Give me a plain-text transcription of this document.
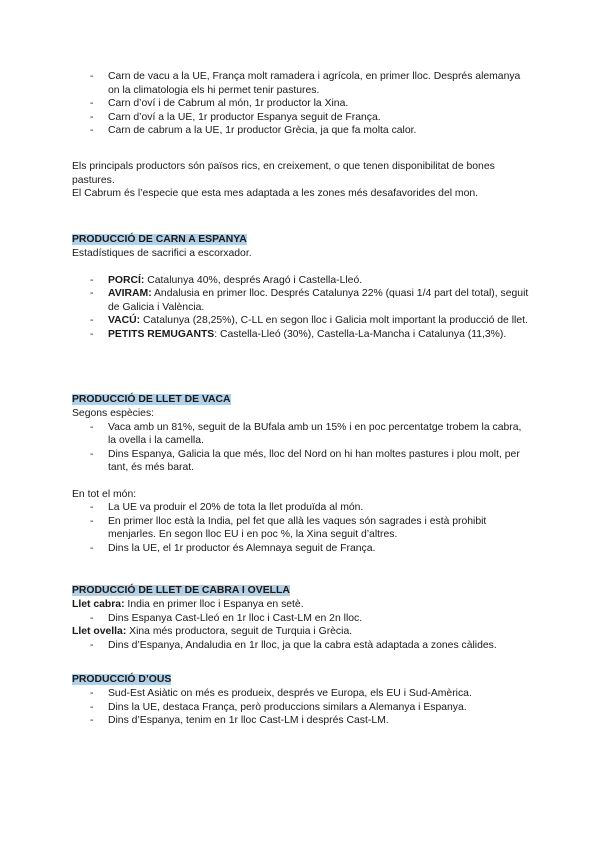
- Carn de vacu a la UE, França molt ramadera i agrícola, en primer lloc. Després alemanya on la climatologia els hi permet tenir pastures.
- Carn d’oví i de Cabrum al món, 1r productor la Xina.
- Carn d’oví a la UE, 1r productor Espanya seguit de França.
- Carn de cabrum a la UE, 1r productor Grècia, ja que fa molta calor.
Els principals productors són països rics, en creixement, o que tenen disponibilitat de bones pastures.
El Cabrum és l’especie que esta mes adaptada a les zones més desafavorides del mon.
PRODUCCIÓ DE CARN A ESPANYA
Estadístiques de sacrifici a escorxador.
- PORCÍ: Catalunya 40%, després Aragó i Castella-Lleó.
- AVIRAM: Andalusia en primer lloc. Després Catalunya 22% (quasi 1/4 part del total), seguit de Galicia i València.
- VACÚ: Catalunya (28,25%), C-LL en segon lloc i Galicia molt important la producció de llet.
- PETITS REMUGANTS: Castella-Lleó (30%), Castella-La-Mancha i Catalunya (11,3%).
PRODUCCIÓ DE LLET DE VACA
Segons espècies:
- Vaca amb un 81%, seguit de la BUfala amb un 15% i en poc percentatge trobem la cabra, la ovella i la camella.
- Dins Espanya, Galicia la que més, lloc del Nord on hi han moltes pastures i plou molt, per tant, és més barat.
En tot el món:
- La UE va produir el 20% de tota la llet produïda al món.
- En primer lloc està la India, pel fet que allà les vaques són sagrades i està prohibit menjarles. En segon lloc EU i en poc %, la Xina seguit d’altres.
- Dins la UE, el 1r productor és Alemnaya seguit de França.
PRODUCCIÓ DE LLET DE CABRA I OVELLA
Llet cabra: India en primer lloc i Espanya en setè.
- Dins Espanya Cast-Lleó en 1r lloc i Cast-LM en 2n lloc.
Llet ovella: Xina més productora, seguit de Turquia i Grècia.
- Dins d’Espanya, Andaludia en 1r lloc, ja que la cabra està adaptada a zones càlides.
PRODUCCIÓ D’OUS
- Sud-Est Asiàtic on més es produeix, després ve Europa, els EU i Sud-Amèrica.
- Dins la UE, destaca França, però produccions similars a Alemanya i Espanya.
- Dins d’Espanya, tenim en 1r lloc Cast-LM i després Cast-LM.
